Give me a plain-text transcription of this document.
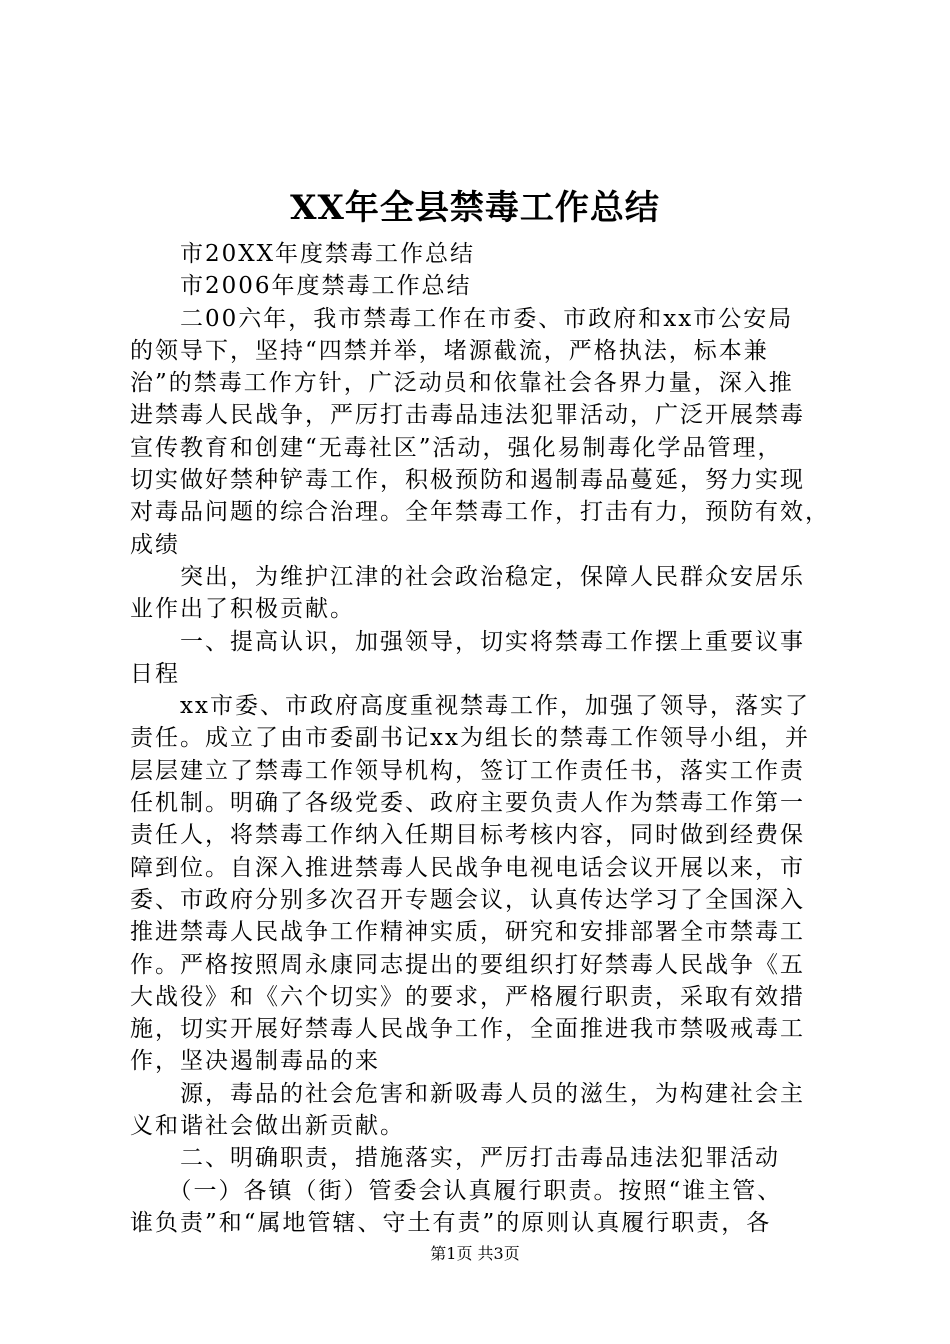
XX年全县禁毒工作总结
　　市20XX年度禁毒工作总结
　　市2006年度禁毒工作总结
　　二00六年，我市禁毒工作在市委、市政府和xx市公安局
的领导下，坚持“四禁并举，堵源截流，严格执法，标本兼
治”的禁毒工作方针，广泛动员和依靠社会各界力量，深入推
进禁毒人民战争，严厉打击毒品违法犯罪活动，广泛开展禁毒
宣传教育和创建“无毒社区”活动，强化易制毒化学品管理，
切实做好禁种铲毒工作，积极预防和遏制毒品蔓延，努力实现
对毒品问题的综合治理。全年禁毒工作，打击有力，预防有效，
成绩
　　突出，为维护江津的社会政治稳定，保障人民群众安居乐
业作出了积极贡献。
　　一、提高认识，加强领导，切实将禁毒工作摆上重要议事
日程
　　xx市委、市政府高度重视禁毒工作，加强了领导，落实了
责任。成立了由市委副书记xx为组长的禁毒工作领导小组，并
层层建立了禁毒工作领导机构，签订工作责任书，落实工作责
任机制。明确了各级党委、政府主要负责人作为禁毒工作第一
责任人，将禁毒工作纳入任期目标考核内容，同时做到经费保
障到位。自深入推进禁毒人民战争电视电话会议开展以来，市
委、市政府分别多次召开专题会议，认真传达学习了全国深入
推进禁毒人民战争工作精神实质，研究和安排部署全市禁毒工
作。严格按照周永康同志提出的要组织打好禁毒人民战争《五
大战役》和《六个切实》的要求，严格履行职责，采取有效措
施，切实开展好禁毒人民战争工作，全面推进我市禁吸戒毒工
作，坚决遏制毒品的来
　　源，毒品的社会危害和新吸毒人员的滋生，为构建社会主
义和谐社会做出新贡献。
　　二、明确职责，措施落实，严厉打击毒品违法犯罪活动
　　（一）各镇（街）管委会认真履行职责。按照“谁主管、
谁负责”和“属地管辖、守土有责”的原则认真履行职责，各
第1页 共3页
